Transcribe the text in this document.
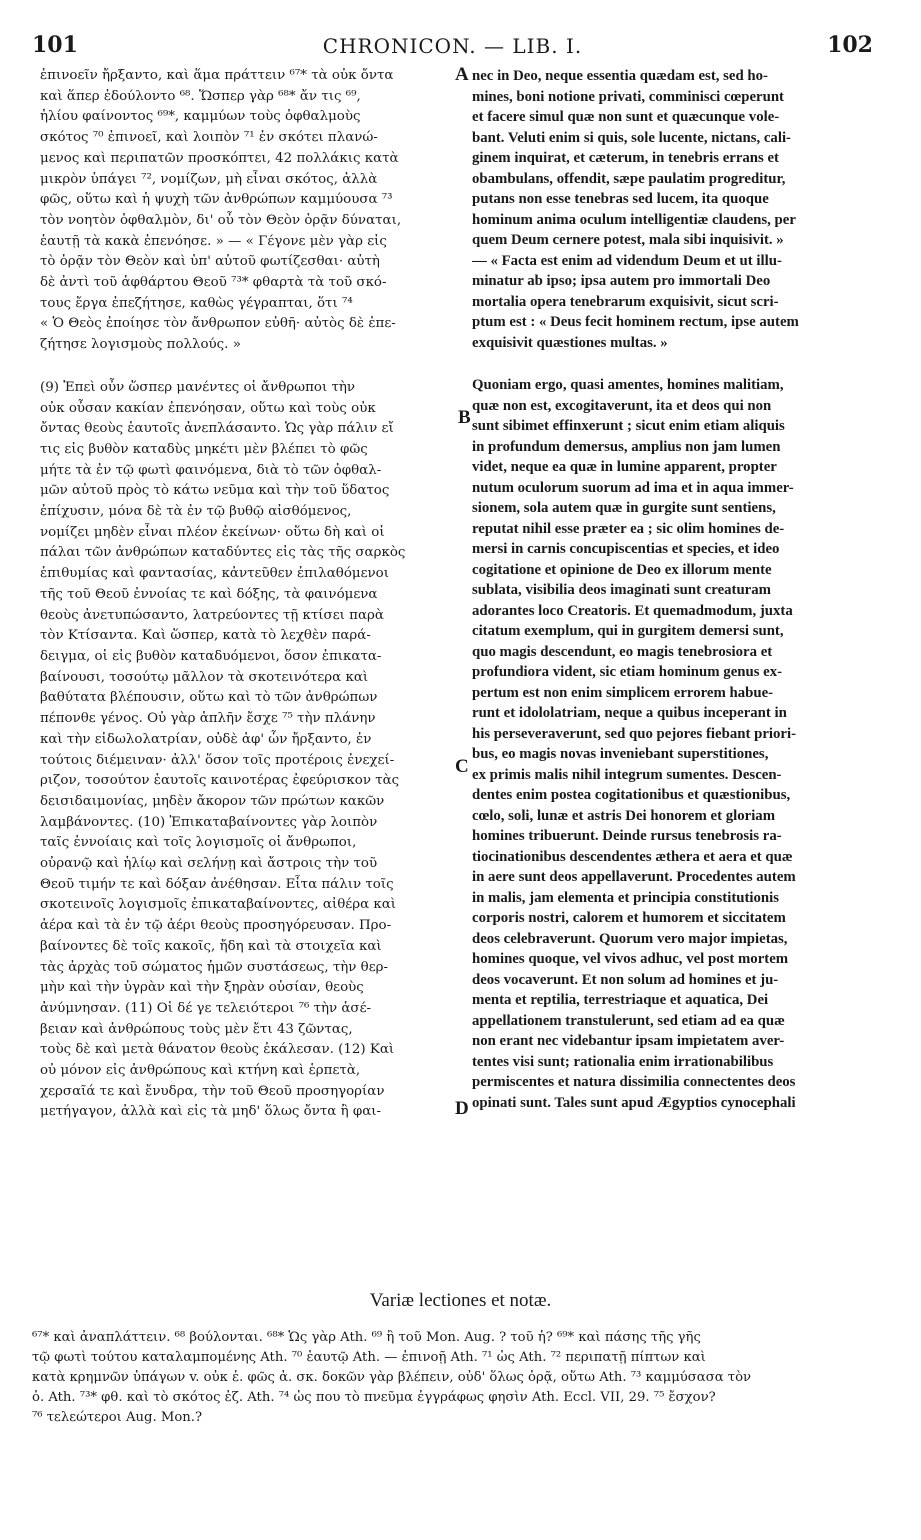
101	CHRONICON. — LIB. I.	102
A
B
C
D

ἐπινοεῖν ἤρξαντο, καὶ ἅμα πράττειν ⁶⁷* τὰ οὐκ ὄντα
καὶ ἅπερ ἐδούλοντο ⁶⁸. Ὥσπερ γὰρ ⁶⁸* ἄν τις ⁶⁹,
ἡλίου φαίνοντος ⁶⁹*, καμμύων τοὺς ὀφθαλμοὺς
σκότος ⁷⁰ ἐπινοεῖ, καὶ λοιπὸν ⁷¹ ἐν σκότει πλανώ-
μενος καὶ περιπατῶν προσκόπτει, 42 πολλάκις κατὰ
μικρὸν ὑπάγει ⁷², νομίζων, μὴ εἶναι σκότος, ἀλλὰ
φῶς, οὕτω καὶ ἡ ψυχὴ τῶν ἀνθρώπων καμμύουσα ⁷³
τὸν νοητὸν ὀφθαλμὸν, δι' οὗ τὸν Θεὸν ὁρᾷν δύναται,
ἑαυτῇ τὰ κακὰ ἐπενόησε. » — « Γέγονε μὲν γὰρ εἰς
τὸ ὁρᾷν τὸν Θεὸν καὶ ὑπ' αὐτοῦ φωτίζεσθαι· αὐτὴ
δὲ ἀντὶ τοῦ ἀφθάρτου Θεοῦ ⁷³* φθαρτὰ τὰ τοῦ σκό-
τους ἔργα ἐπεζήτησε, καθὼς γέγραπται, ὅτι ⁷⁴
« Ὁ Θεὸς ἐποίησε τὸν ἄνθρωπον εὐθῆ· αὐτὸς δὲ ἐπε-
ζήτησε λογισμοὺς πολλούς. »

(9) Ἐπεὶ οὖν ὥσπερ μανέντες οἱ ἄνθρωποι τὴν
οὐκ οὖσαν κακίαν ἐπενόησαν, οὕτω καὶ τοὺς οὐκ
ὄντας θεοὺς ἑαυτοῖς ἀνεπλάσαντο. Ὡς γὰρ πάλιν εἴ
τις εἰς βυθὸν καταδὺς μηκέτι μὲν βλέπει τὸ φῶς
μήτε τὰ ἐν τῷ φωτὶ φαινόμενα, διὰ τὸ τῶν ὀφθαλ-
μῶν αὐτοῦ πρὸς τὸ κάτω νεῦμα καὶ τὴν τοῦ ὕδατος
ἐπίχυσιν, μόνα δὲ τὰ ἐν τῷ βυθῷ αἰσθόμενος,
νομίζει μηδὲν εἶναι πλέον ἐκείνων· οὕτω δὴ καὶ οἱ
πάλαι τῶν ἀνθρώπων καταδύντες εἰς τὰς τῆς σαρκὸς
ἐπιθυμίας καὶ φαντασίας, κἀντεῦθεν ἐπιλαθόμενοι
τῆς τοῦ Θεοῦ ἐννοίας τε καὶ δόξης, τὰ φαινόμενα
θεοὺς ἀνετυπώσαντο, λατρεύοντες τῇ κτίσει παρὰ
τὸν Κτίσαντα. Καὶ ὥσπερ, κατὰ τὸ λεχθὲν παρά-
δειγμα, οἱ εἰς βυθὸν καταδυόμενοι, ὅσον ἐπικατα-
βαίνουσι, τοσούτῳ μᾶλλον τὰ σκοτεινότερα καὶ
βαθύτατα βλέπουσιν, οὕτω καὶ τὸ τῶν ἀνθρώπων
πέπονθε γένος. Οὐ γὰρ ἁπλῆν ἔσχε ⁷⁵ τὴν πλάνην
καὶ τὴν εἰδωλολατρίαν, οὐδὲ ἀφ' ὧν ἤρξαντο, ἐν
τούτοις διέμειναν· ἀλλ' ὅσον τοῖς προτέροις ἐνεχεί-
ριζον, τοσούτον ἑαυτοῖς καινοτέρας ἐφεύρισκον τὰς
δεισιδαιμονίας, μηδὲν ἄκορον τῶν πρώτων κακῶν
λαμβάνοντες. (10) Ἐπικαταβαίνοντες γὰρ λοιπὸν
ταῖς ἐννοίαις καὶ τοῖς λογισμοῖς οἱ ἄνθρωποι,
οὐρανῷ καὶ ἡλίῳ καὶ σελήνῃ καὶ ἄστροις τὴν τοῦ
Θεοῦ τιμήν τε καὶ δόξαν ἀνέθησαν. Εἶτα πάλιν τοῖς
σκοτεινοῖς λογισμοῖς ἐπικαταβαίνοντες, αἰθέρα καὶ
ἀέρα καὶ τὰ ἐν τῷ ἀέρι θεοὺς προσηγόρευσαν. Προ-
βαίνοντες δὲ τοῖς κακοῖς, ἤδη καὶ τὰ στοιχεῖα καὶ
τὰς ἀρχὰς τοῦ σώματος ἡμῶν συστάσεως, τὴν θερ-
μὴν καὶ τὴν ὑγρὰν καὶ τὴν ξηρὰν οὐσίαν, θεοὺς
ἀνύμνησαν. (11) Οἱ δέ γε τελειότεροι ⁷⁶ τὴν ἀσέ-
βειαν καὶ ἀνθρώπους τοὺς μὲν ἔτι 43 ζῶντας,
τοὺς δὲ καὶ μετὰ θάνατον θεοὺς ἐκάλεσαν. (12) Καὶ
οὐ μόνον εἰς ἀνθρώπους καὶ κτήνη καὶ ἑρπετὰ,
χερσαῖά τε καὶ ἔνυδρα, τὴν τοῦ Θεοῦ προσηγορίαν
μετήγαγον, ἀλλὰ καὶ εἰς τὰ μηδ' ὅλως ὄντα ἢ φαι-

nec in Deo, neque essentia quædam est, sed ho-
mines, boni notione privati, comminisci cœperunt
et facere simul quæ non sunt et quæcunque vole-
bant. Veluti enim si quis, sole lucente, nictans, cali-
ginem inquirat, et cæterum, in tenebris errans et
obambulans, offendit, sæpe paulatim progreditur,
putans non esse tenebras sed lucem, ita quoque
hominum anima oculum intelligentiæ claudens, per
quem Deum cernere potest, mala sibi inquisivit. »
— « Facta est enim ad videndum Deum et ut illu-
minatur ab ipso; ipsa autem pro immortali Deo
mortalia opera tenebrarum exquisivit, sicut scri-
ptum est : « Deus fecit hominem rectum, ipse autem
exquisivit quæstiones multas. »

Quoniam ergo, quasi amentes, homines malitiam,
quæ non est, excogitaverunt, ita et deos qui non
sunt sibimet effinxerunt ; sicut enim etiam aliquis
in profundum demersus, amplius non jam lumen
videt, neque ea quæ in lumine apparent, propter
nutum oculorum suorum ad ima et in aqua immer-
sionem, sola autem quæ in gurgite sunt sentiens,
reputat nihil esse præter ea ; sic olim homines de-
mersi in carnis concupiscentias et species, et ideo
cogitatione et opinione de Deo ex illorum mente
sublata, visibilia deos imaginati sunt creaturam
adorantes loco Creatoris. Et quemadmodum, juxta
citatum exemplum, qui in gurgitem demersi sunt,
quo magis descendunt, eo magis tenebrosiora et
profundiora vident, sic etiam hominum genus ex-
pertum est non enim simplicem errorem habue-
runt et idololatriam, neque a quibus inceperant in
his perseveraverunt, sed quo pejores fiebant priori-
bus, eo magis novas inveniebant superstitiones,
ex primis malis nihil integrum sumentes. Descen-
dentes enim postea cogitationibus et quæstionibus,
cœlo, soli, lunæ et astris Dei honorem et gloriam
homines tribuerunt. Deinde rursus tenebrosis ra-
tiocinationibus descendentes æthera et aera et quæ
in aere sunt deos appellaverunt. Procedentes autem
in malis, jam elementa et principia constitutionis
corporis nostri, calorem et humorem et siccitatem
deos celebraverunt. Quorum vero major impietas,
homines quoque, vel vivos adhuc, vel post mortem
deos vocaverunt. Et non solum ad homines et ju-
menta et reptilia, terrestriaque et aquatica, Dei
appellationem transtulerunt, sed etiam ad ea quæ
non erant nec videbantur ipsam impietatem aver-
tentes visi sunt; rationalia enim irrationabilibus
permiscentes et natura dissimilia connectentes deos
opinati sunt. Tales sunt apud Ægyptios cynocephali

Variæ lectiones et notæ.
⁶⁷* καὶ ἀναπλάττειν. ⁶⁸ βούλονται. ⁶⁸* Ὡς γὰρ Ath. ⁶⁹ ἢ τοῦ Mon. Aug. ? τοῦ ἡ? ⁶⁹* καὶ πάσης τῆς γῆς
τῷ φωτὶ τούτου καταλαμπομένης Ath. ⁷⁰ ἑαυτῷ Ath. — ἐπινοῇ Ath. ⁷¹ ὡς Ath. ⁷² περιπατῇ πίπτων καὶ
κατὰ κρημνῶν ὑπάγων v. οὐκ ἐ. φῶς ἀ. σκ. δοκῶν γὰρ βλέπειν, οὐδ' ὅλως ὁρᾷ, οὕτω Ath. ⁷³ καμμύσασα τὸν
ὀ. Ath. ⁷³* φθ. καὶ τὸ σκότος ἐζ. Ath. ⁷⁴ ὡς που τὸ πνεῦμα ἐγγράφως φησὶν Ath. Eccl. VII, 29. ⁷⁵ ἔσχον?
⁷⁶ τελεώτεροι Aug. Mon.?
